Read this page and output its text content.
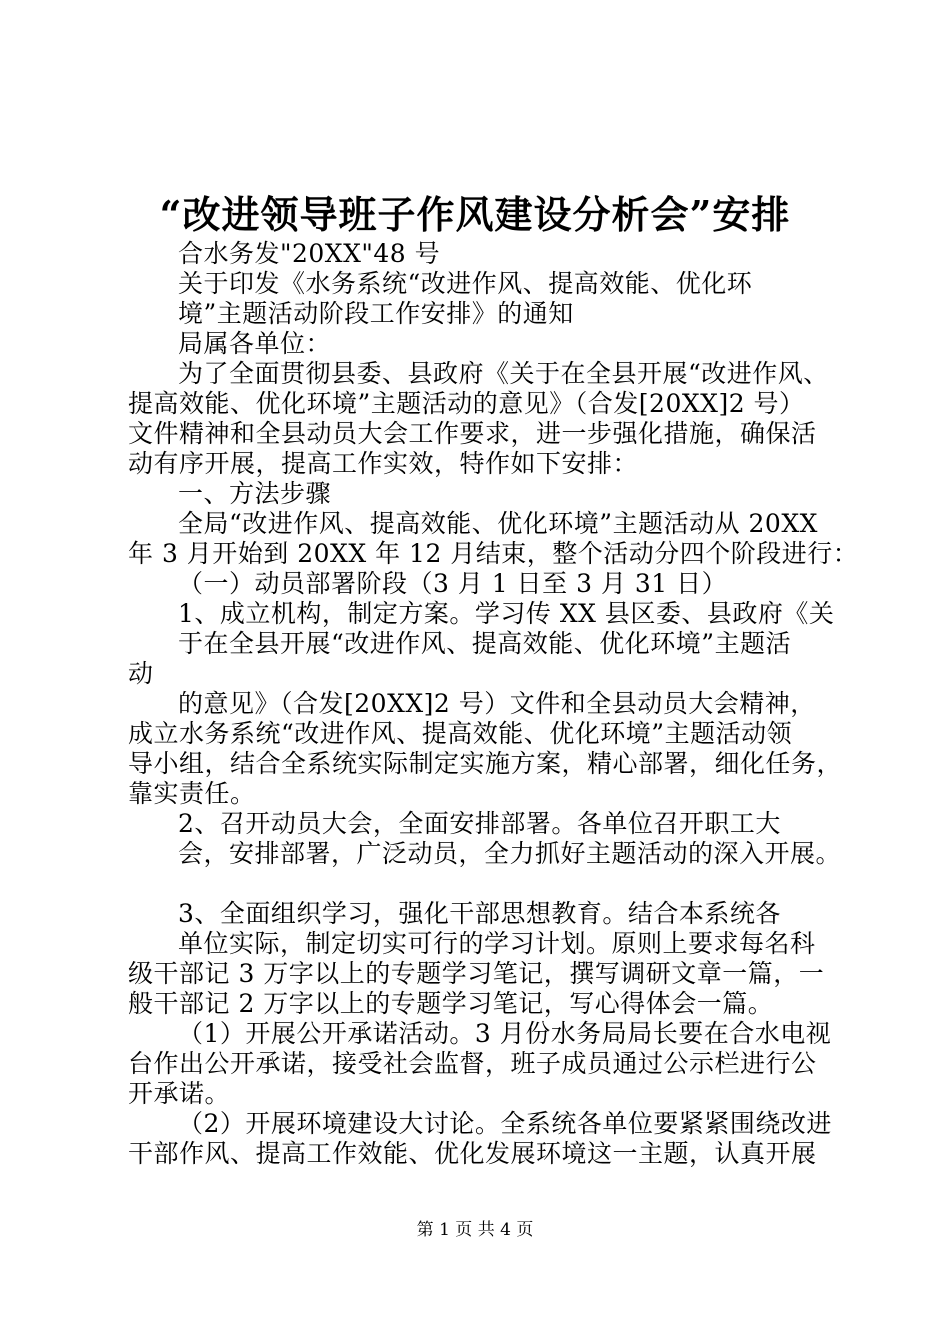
“改进领导班子作风建设分析会”安排
合水务发"20XX"48 号
关于印发《水务系统“改进作风、提高效能、优化环
境”主题活动阶段工作安排》的通知
局属各单位：
为了全面贯彻县委、县政府《关于在全县开展“改进作风、
提高效能、优化环境”主题活动的意见》（合发[20XX]2 号）
文件精神和全县动员大会工作要求，进一步强化措施，确保活
动有序开展，提高工作实效，特作如下安排：
一、方法步骤
全局“改进作风、提高效能、优化环境”主题活动从 20XX
年 3 月开始到 20XX 年 12 月结束，整个活动分四个阶段进行：
（一）动员部署阶段（3 月 1 日至 3 月 31 日）
1、成立机构，制定方案。学习传 XX 县区委、县政府《关
于在全县开展“改进作风、提高效能、优化环境”主题活
动
的意见》（合发[20XX]2 号）文件和全县动员大会精神，
成立水务系统“改进作风、提高效能、优化环境”主题活动领
导小组，结合全系统实际制定实施方案，精心部署，细化任务，
靠实责任。
2、召开动员大会，全面安排部署。各单位召开职工大
会，安排部署，广泛动员，全力抓好主题活动的深入开展。
3、全面组织学习，强化干部思想教育。结合本系统各
单位实际，制定切实可行的学习计划。原则上要求每名科
级干部记 3 万字以上的专题学习笔记，撰写调研文章一篇，一
般干部记 2 万字以上的专题学习笔记，写心得体会一篇。
（1）开展公开承诺活动。3 月份水务局局长要在合水电视
台作出公开承诺，接受社会监督，班子成员通过公示栏进行公
开承诺。
（2）开展环境建设大讨论。全系统各单位要紧紧围绕改进
干部作风、提高工作效能、优化发展环境这一主题，认真开展
第 1 页 共 4 页
